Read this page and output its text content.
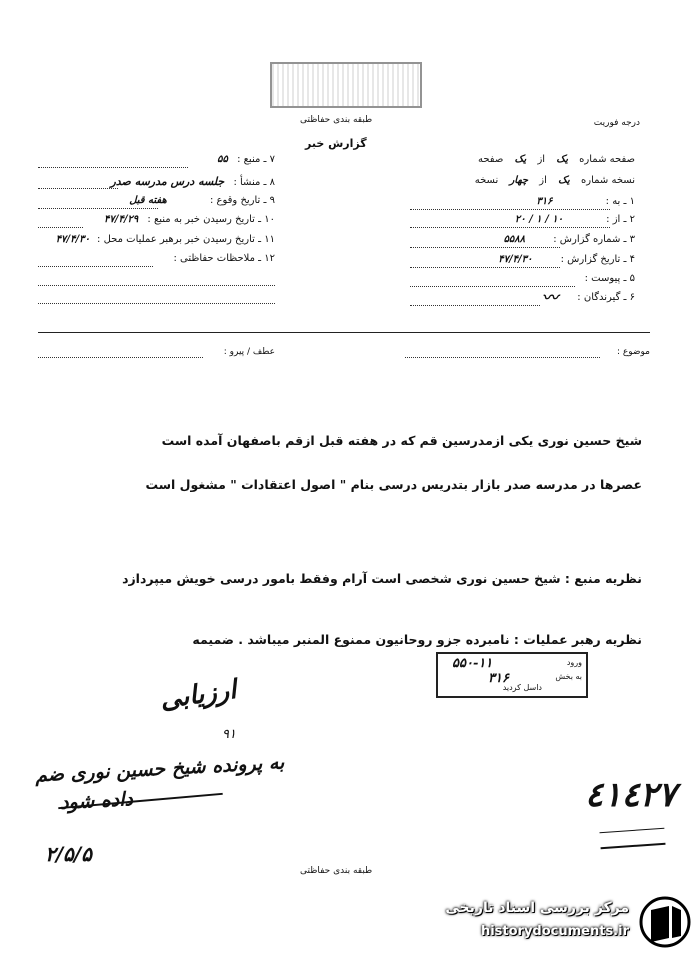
درجه فوریت
طبقه بندی حفاظتی
گزارش خبر
صفحه شماره یک از یک صفحه
نسخه شماره یک از چهار نسخه
۱ ـ به : ۳۱۶
۲ ـ از : ۱۰ / ۱ / ۲۰
۳ ـ شماره گزارش : ۵۵۸۸
۴ ـ تاریخ گزارش : ۴۷/۴/۳۰
۵ ـ پیوست :
۶ ـ گیرندگان :
〰
۷ ـ منبع : ۵۵
۸ ـ منشأ : جلسه درس مدرسه صدر
۹ ـ تاریخ وقوع : هفته قبل
۱۰ ـ تاریخ رسیدن خبر به منبع : ۴۷/۴/۲۹
۱۱ ـ تاریخ رسیدن خبر برهبر عملیات محل : ۴۷/۴/۳۰
۱۲ ـ ملاحظات حفاظتی :
موضوع :
عطف / پیرو :
شیخ حسین نوری یکی ازمدرسین قم که در هفته قبل ازقم باصفهان آمده است
عصرها در مدرسه صدر بازار بتدریس درسی بنام " اصول اعتقادات " مشغول است
نظریه منبع : شیخ حسین نوری شخصی است آرام وفقط بامور درسی خویش میپردازد
نظریه رهبر عملیات : نامبرده جزو روحانیون ممنوع المنبر میباشد . ضمیمه
ورود
۵۵۰-۱۱
به بخش
۳۱۶
داسل کردید
ارزیابی
۹۱
به پرونده شیخ حسین نوری ضم
داده شود
۲/۵/۵
٤١٤٢٧
طبقه بندی حفاظتی
مرکز بررسی اسناد تاریخی
historydocuments.ir
